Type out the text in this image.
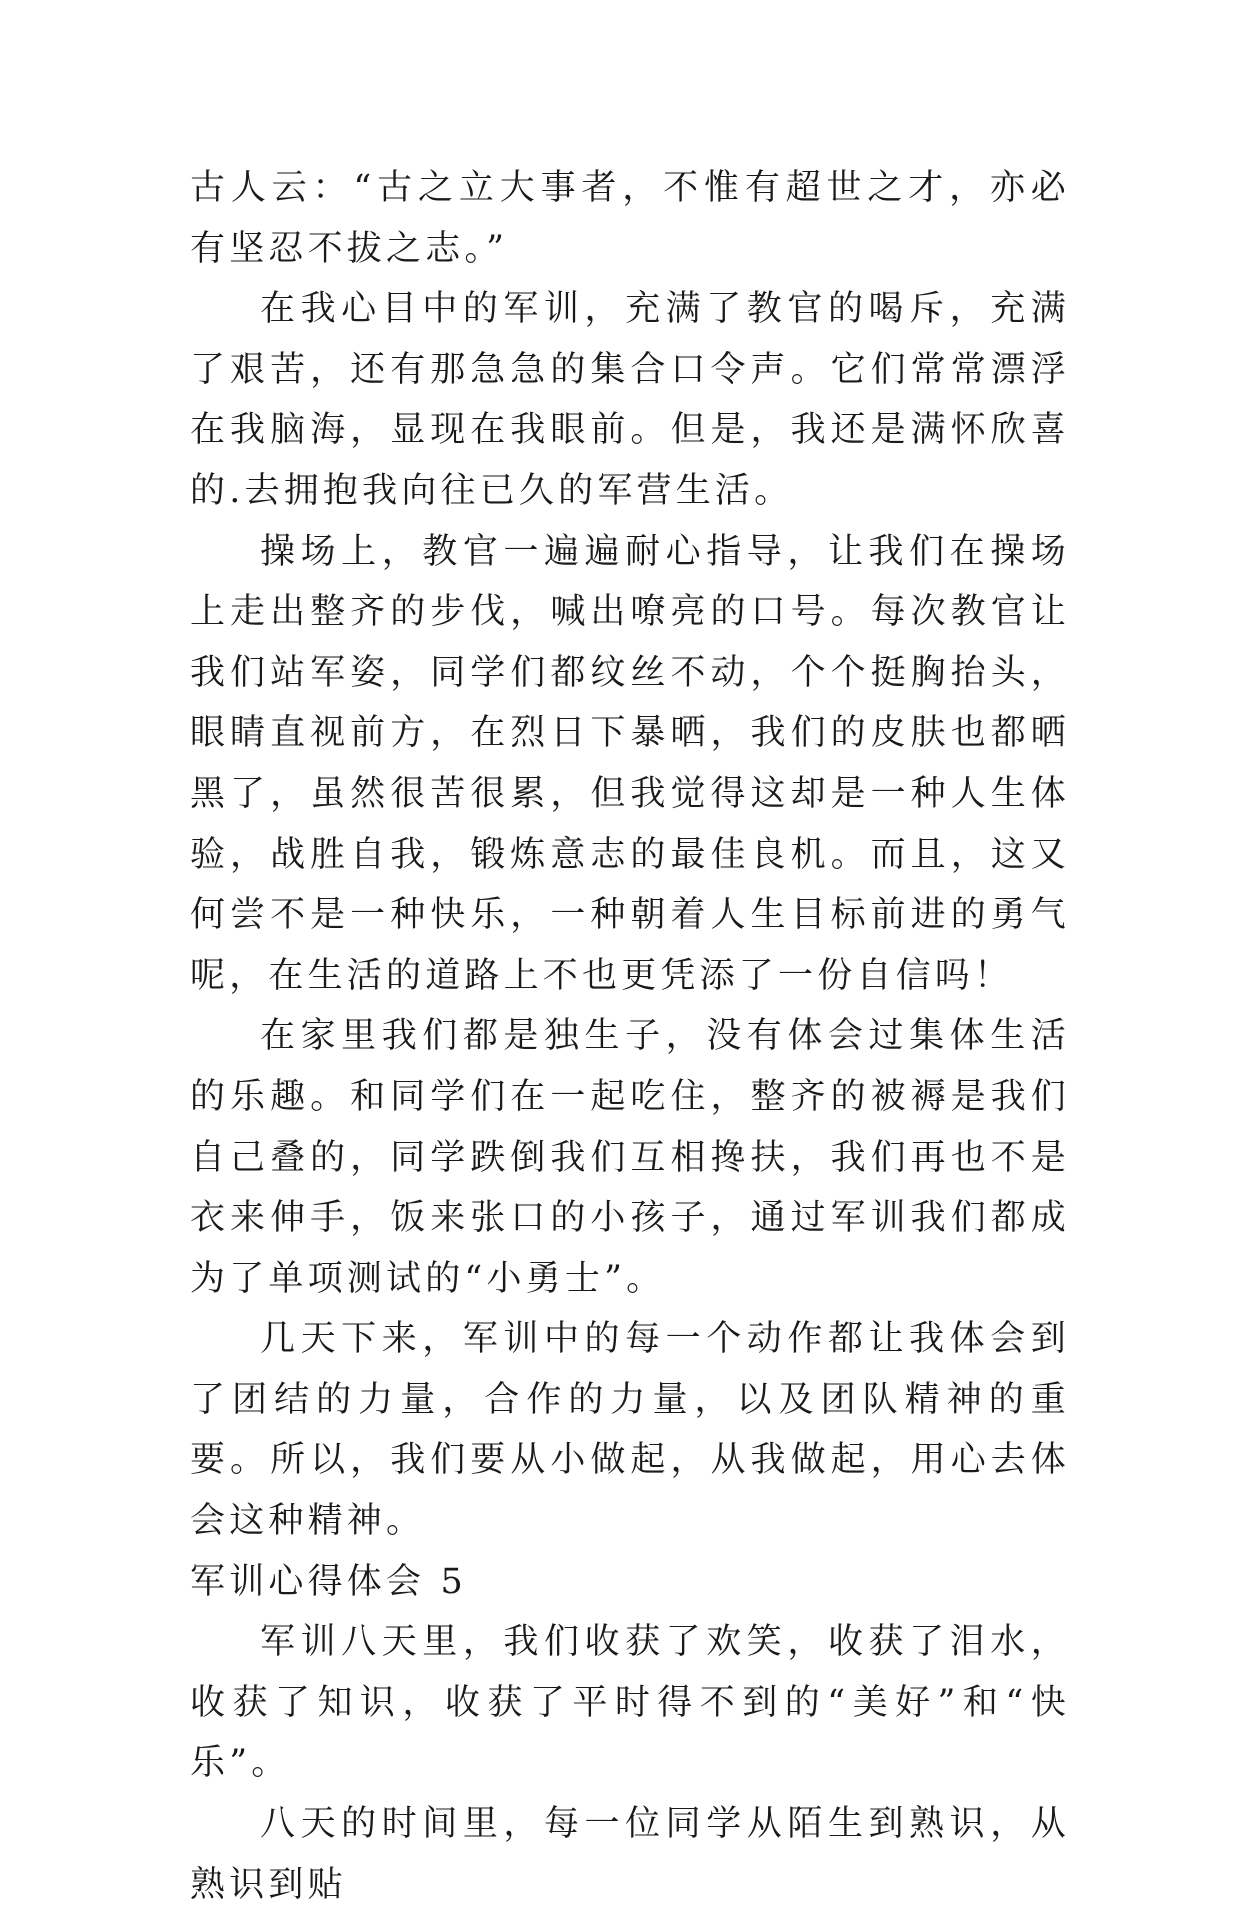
古人云：“古之立大事者，不惟有超世之才，亦必有坚忍不拔之志。”

在我心目中的军训，充满了教官的喝斥，充满了艰苦，还有那急急的集合口令声。它们常常漂浮在我脑海，显现在我眼前。但是，我还是满怀欣喜的.去拥抱我向往已久的军营生活。

操场上，教官一遍遍耐心指导，让我们在操场上走出整齐的步伐，喊出嘹亮的口号。每次教官让我们站军姿，同学们都纹丝不动，个个挺胸抬头，眼睛直视前方，在烈日下暴晒，我们的皮肤也都晒黑了，虽然很苦很累，但我觉得这却是一种人生体验，战胜自我，锻炼意志的最佳良机。而且，这又何尝不是一种快乐，一种朝着人生目标前进的勇气呢，在生活的道路上不也更凭添了一份自信吗！

在家里我们都是独生子，没有体会过集体生活的乐趣。和同学们在一起吃住，整齐的被褥是我们自己叠的，同学跌倒我们互相搀扶，我们再也不是衣来伸手，饭来张口的小孩子，通过军训我们都成为了单项测试的“小勇士”。

几天下来，军训中的每一个动作都让我体会到了团结的力量，合作的力量，以及团队精神的重要。所以，我们要从小做起，从我做起，用心去体会这种精神。

军训心得体会 5

军训八天里，我们收获了欢笑，收获了泪水，收获了知识，收获了平时得不到的“美好”和“快乐”。

八天的时间里，每一位同学从陌生到熟识，从熟识到贴
